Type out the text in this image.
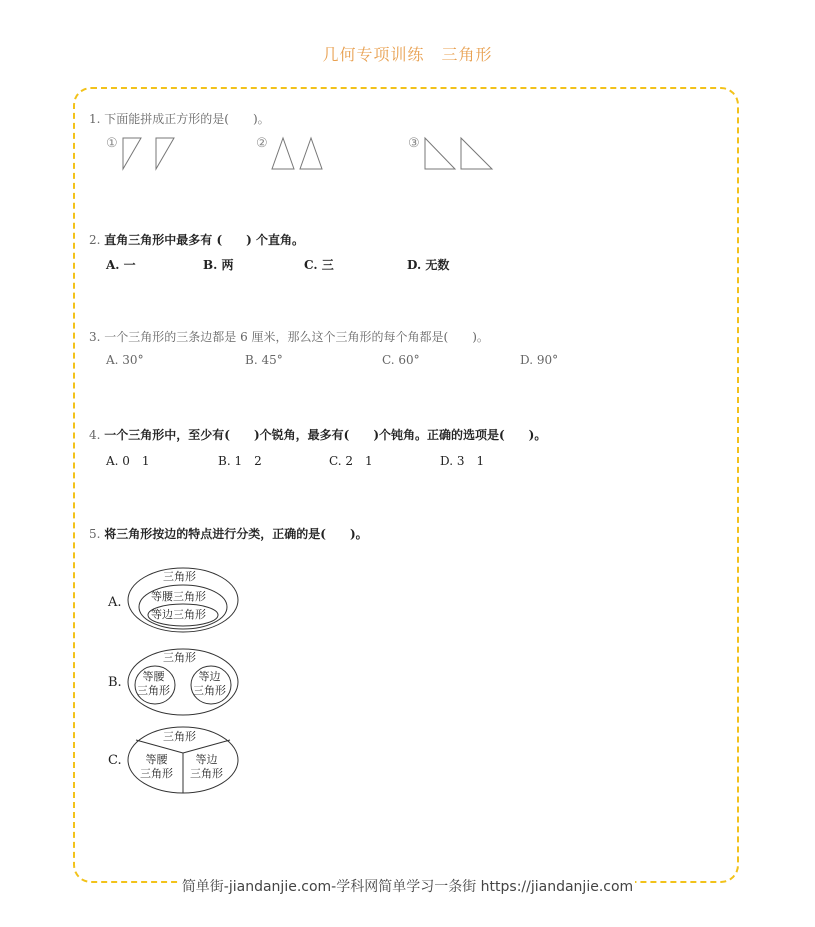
几何专项训练　三角形
1. 下面能拼成正方形的是(　　)。
①	②	③
2. 直角三角形中最多有 (　　) 个直角。
A. 一	B. 两	C. 三	D. 无数
3. 一个三角形的三条边都是 6 厘米，那么这个三角形的每个角都是(　　)。
A. 30°	B. 45°	C. 60°	D. 90°
4. 一个三角形中，至少有(　　)个锐角，最多有(　　)个钝角。正确的选项是(　　)。
A. 0　1	B. 1　2	C. 2　1	D. 3　1
5. 将三角形按边的特点进行分类，正确的是(　　)。
A.
三角形
等腰三角形
等边三角形
B.
三角形
等腰
三角形
等边
三角形
C.
三角形
等腰
三角形
等边
三角形
简单街-jiandanjie.com-学科网简单学习一条街 https://jiandanjie.com
